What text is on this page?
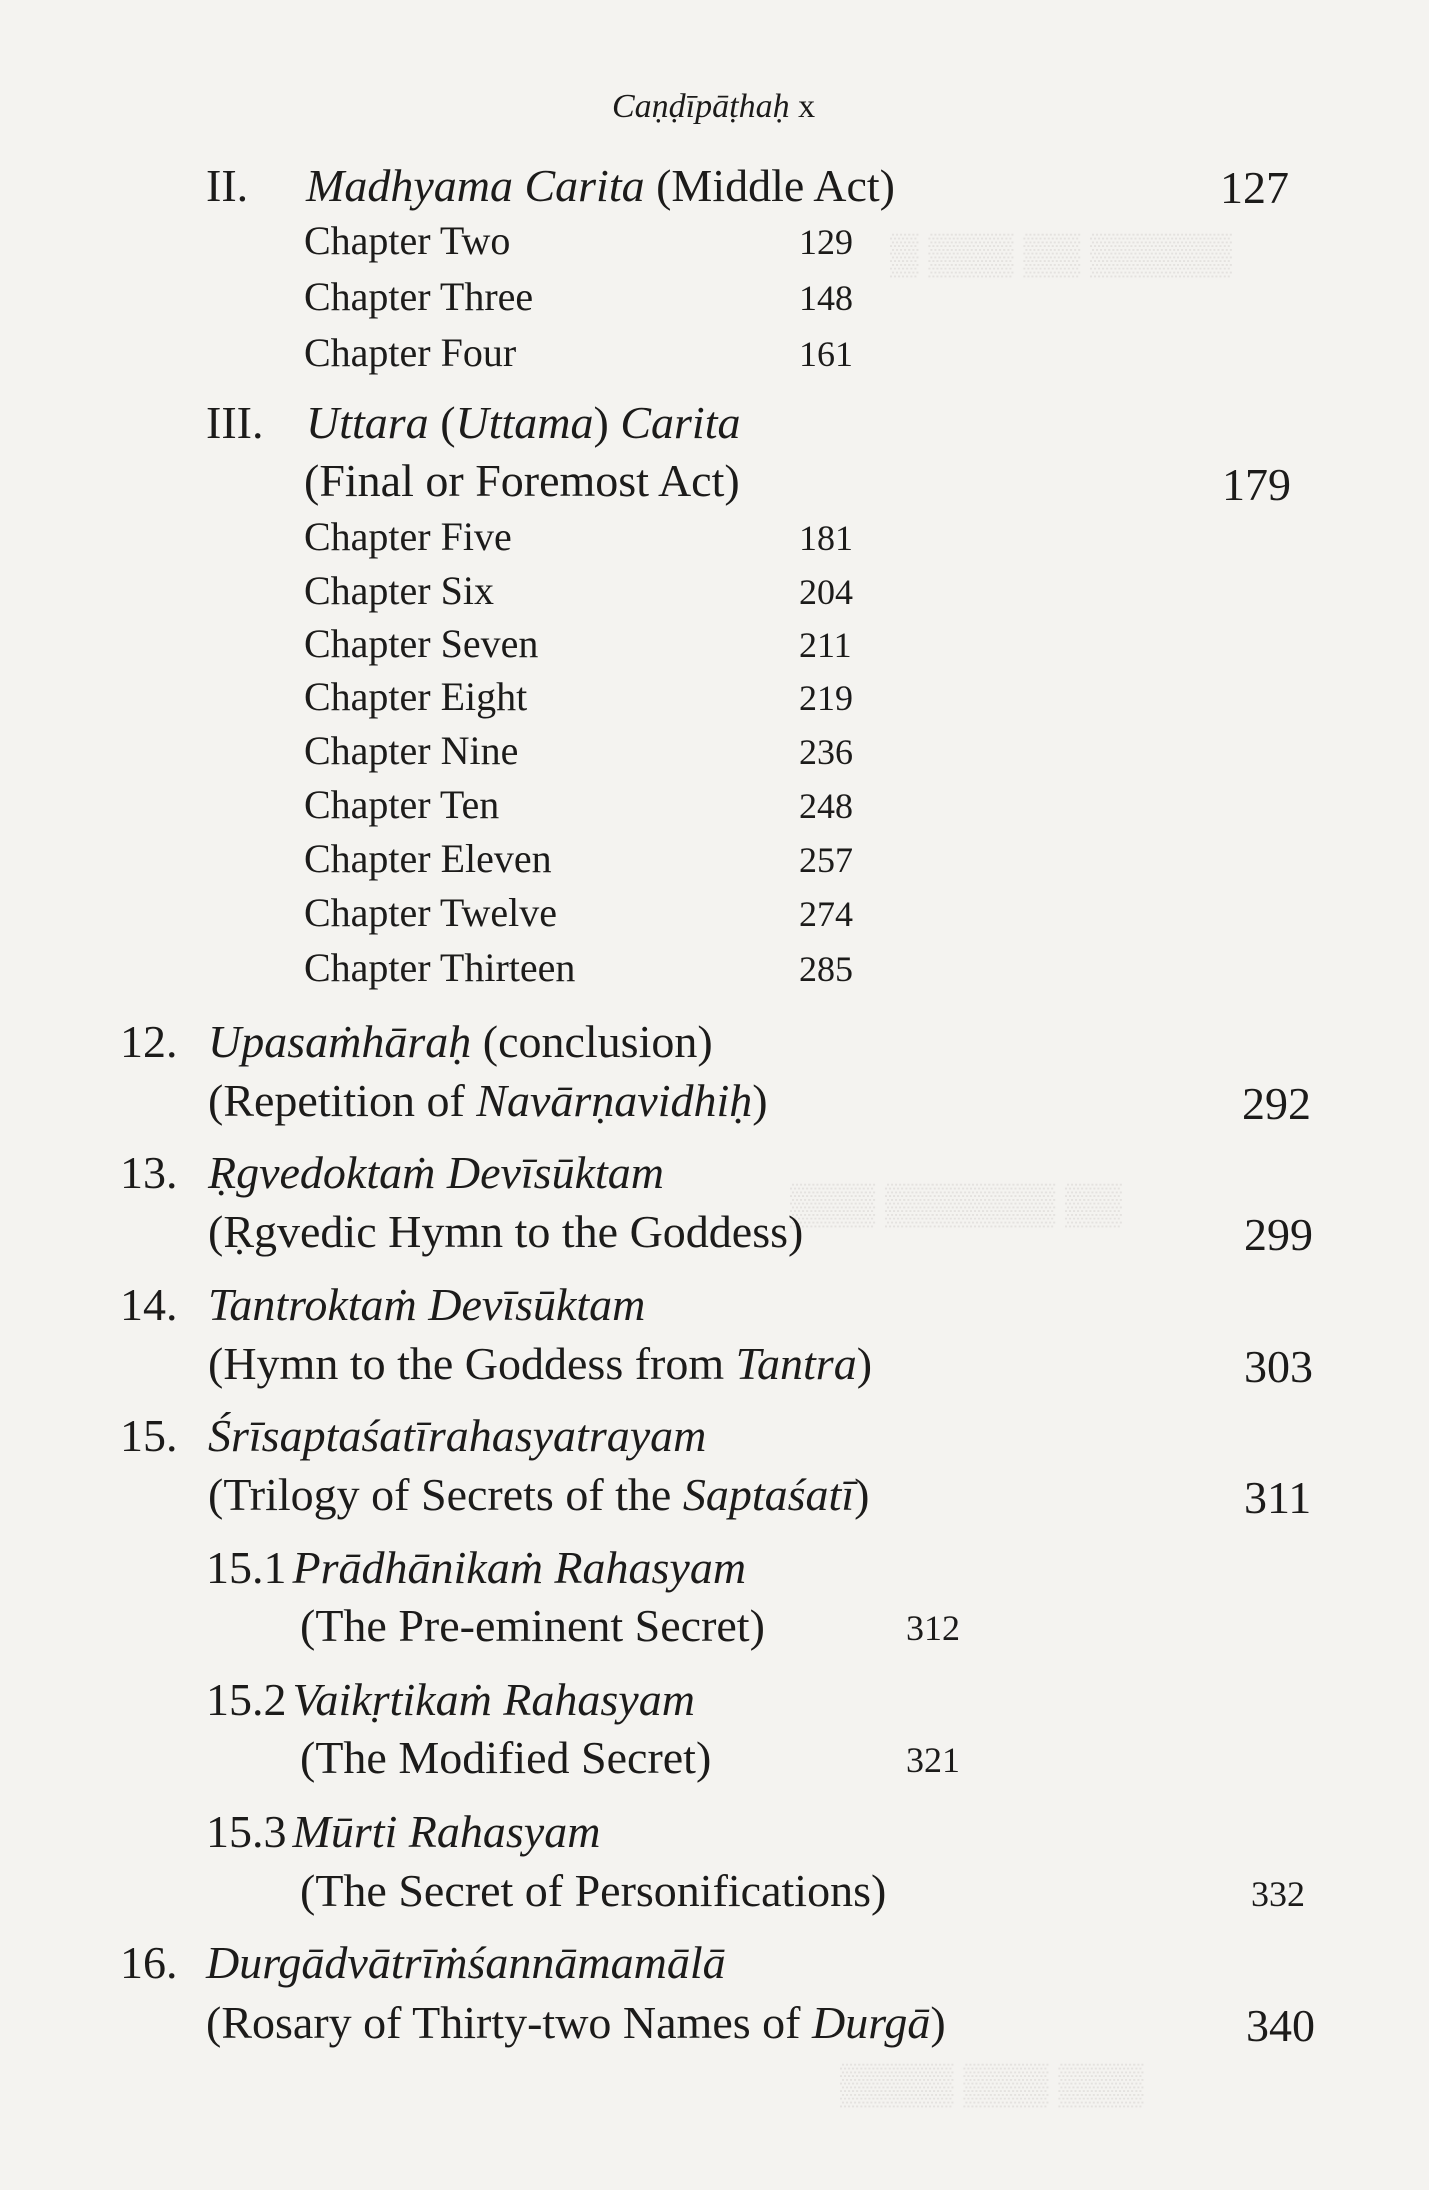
▒ ▒▒▒ ▒▒ ▒▒▒▒▒
▒▒▒ ▒▒▒▒▒▒ ▒▒
▒▒▒▒ ▒▒▒ ▒▒▒
Caṇḍīpāṭhaḥ x
II. Madhyama Carita (Middle Act)	127
Chapter Two	129
Chapter Three	148
Chapter Four	161
III. Uttara (Uttama) Carita
(Final or Foremost Act)	179
Chapter Five	181
Chapter Six	204
Chapter Seven	211
Chapter Eight	219
Chapter Nine	236
Chapter Ten	248
Chapter Eleven	257
Chapter Twelve	274
Chapter Thirteen	285
12. Upasaṁhāraḥ (conclusion)
(Repetition of Navārṇavidhiḥ)	292
13. Ṛgvedoktaṁ Devīsūktam
(Ṛgvedic Hymn to the Goddess)	299
14. Tantroktaṁ Devīsūktam
(Hymn to the Goddess from Tantra)	303
15. Śrīsaptaśatīrahasyatrayam
(Trilogy of Secrets of the Saptaśatī)	311
15.1 Prādhānikaṁ Rahasyam
(The Pre-eminent Secret)	312
15.2 Vaikṛtikaṁ Rahasyam
(The Modified Secret)	321
15.3 Mūrti Rahasyam
(The Secret of Personifications)	332
16. Durgādvātrīṁśannāmamālā
(Rosary of Thirty-two Names of Durgā)	340
